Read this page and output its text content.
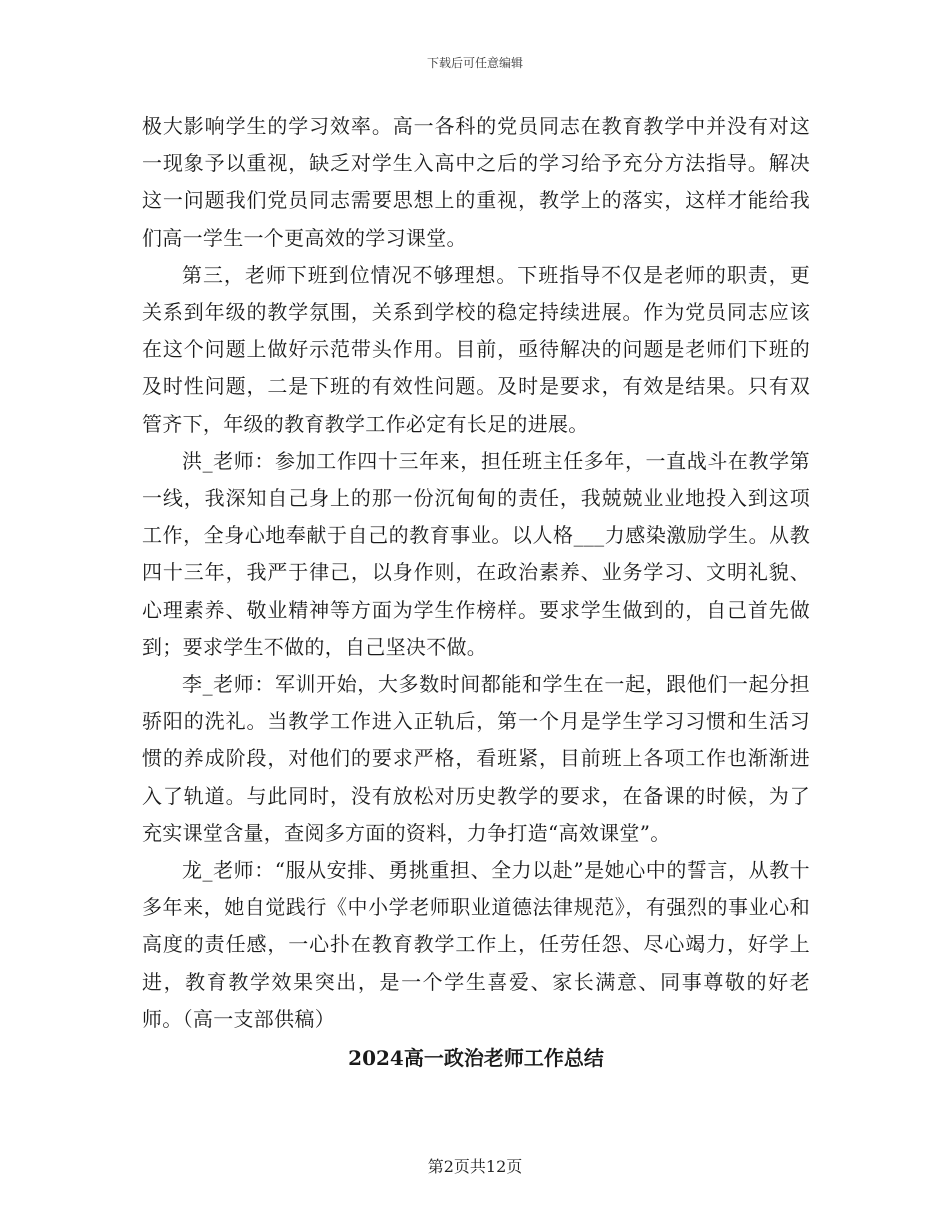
下载后可任意编辑

极大影响学生的学习效率。高一各科的党员同志在教育教学中并没有对这一现象予以重视，缺乏对学生入高中之后的学习给予充分方法指导。解决这一问题我们党员同志需要思想上的重视，教学上的落实，这样才能给我们高一学生一个更高效的学习课堂。

第三，老师下班到位情况不够理想。下班指导不仅是老师的职责，更关系到年级的教学氛围，关系到学校的稳定持续进展。作为党员同志应该在这个问题上做好示范带头作用。目前，亟待解决的问题是老师们下班的及时性问题，二是下班的有效性问题。及时是要求，有效是结果。只有双管齐下，年级的教育教学工作必定有长足的进展。

洪_老师：参加工作四十三年来，担任班主任多年，一直战斗在教学第一线，我深知自己身上的那一份沉甸甸的责任，我兢兢业业地投入到这项工作，全身心地奉献于自己的教育事业。以人格___力感染激励学生。从教四十三年，我严于律己，以身作则，在政治素养、业务学习、文明礼貌、心理素养、敬业精神等方面为学生作榜样。要求学生做到的，自己首先做到；要求学生不做的，自己坚决不做。

李_老师：军训开始，大多数时间都能和学生在一起，跟他们一起分担骄阳的洗礼。当教学工作进入正轨后，第一个月是学生学习习惯和生活习惯的养成阶段，对他们的要求严格，看班紧，目前班上各项工作也渐渐进入了轨道。与此同时，没有放松对历史教学的要求，在备课的时候，为了充实课堂含量，查阅多方面的资料，力争打造“高效课堂”。

龙_老师：“服从安排、勇挑重担、全力以赴”是她心中的誓言，从教十多年来，她自觉践行《中小学老师职业道德法律规范》，有强烈的事业心和高度的责任感，一心扑在教育教学工作上，任劳任怨、尽心竭力，好学上进，教育教学效果突出，是一个学生喜爱、家长满意、同事尊敬的好老师。（高一支部供稿）

2024高一政治老师工作总结
第2页共12页
